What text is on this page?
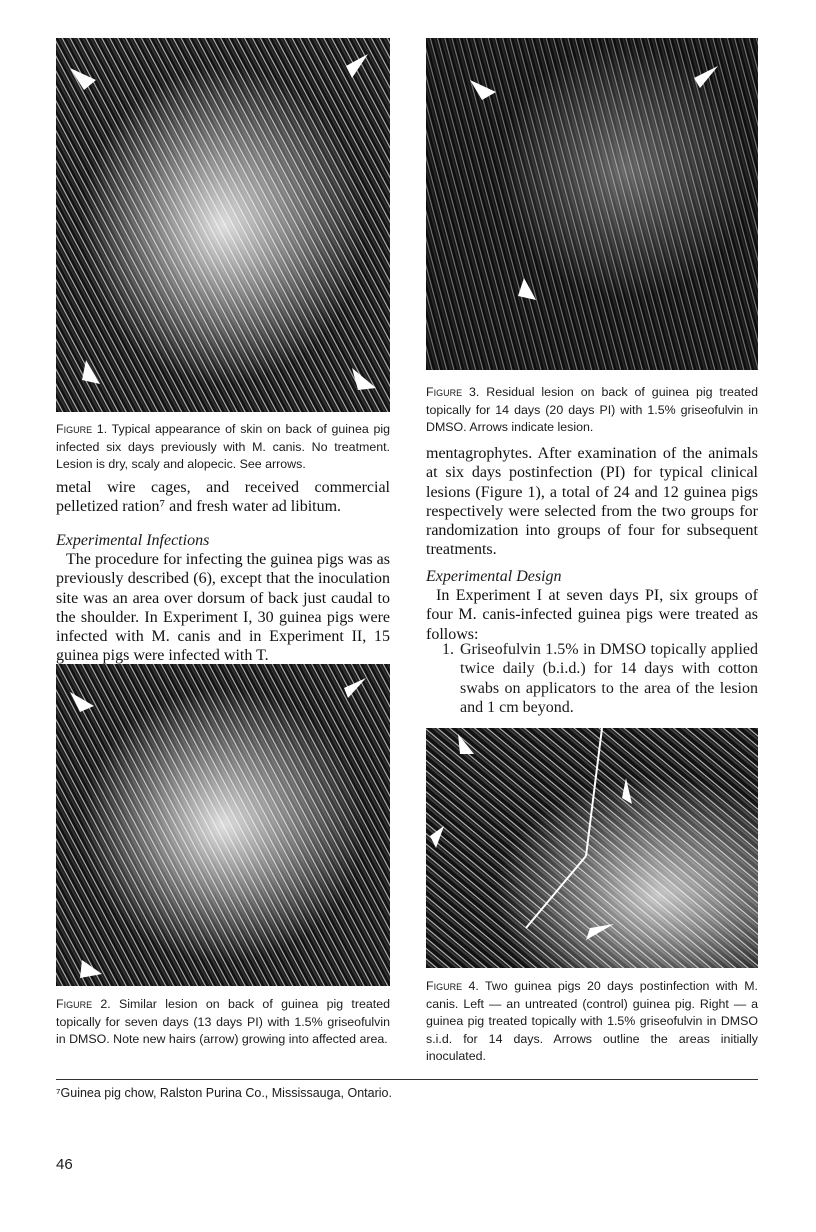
Figure 1. Typical appearance of skin on back of guinea pig infected six days previously with M. canis. No treatment. Lesion is dry, scaly and alopecic. See arrows.
metal wire cages, and received commercial pelletized ration⁷ and fresh water ad libitum.
Experimental Infections
The procedure for infecting the guinea pigs was as previously described (6), except that the inoculation site was an area over dorsum of back just caudal to the shoulder. In Experiment I, 30 guinea pigs were infected with M. canis and in Experiment II, 15 guinea pigs were infected with T.
Figure 2. Similar lesion on back of guinea pig treated topically for seven days (13 days PI) with 1.5% griseofulvin in DMSO. Note new hairs (arrow) growing into affected area.
Figure 3. Residual lesion on back of guinea pig treated topically for 14 days (20 days PI) with 1.5% griseofulvin in DMSO. Arrows indicate lesion.
mentagrophytes. After examination of the animals at six days postinfection (PI) for typical clinical lesions (Figure 1), a total of 24 and 12 guinea pigs respectively were selected from the two groups for randomization into groups of four for subsequent treatments.
Experimental Design
In Experiment I at seven days PI, six groups of four M. canis-infected guinea pigs were treated as follows:
1. Griseofulvin 1.5% in DMSO topically applied twice daily (b.i.d.) for 14 days with cotton swabs on applicators to the area of the lesion and 1 cm beyond.
Figure 4. Two guinea pigs 20 days postinfection with M. canis. Left — an untreated (control) guinea pig. Right — a guinea pig treated topically with 1.5% griseofulvin in DMSO s.i.d. for 14 days. Arrows outline the areas initially inoculated.
⁷Guinea pig chow, Ralston Purina Co., Mississauga, Ontario.
46
